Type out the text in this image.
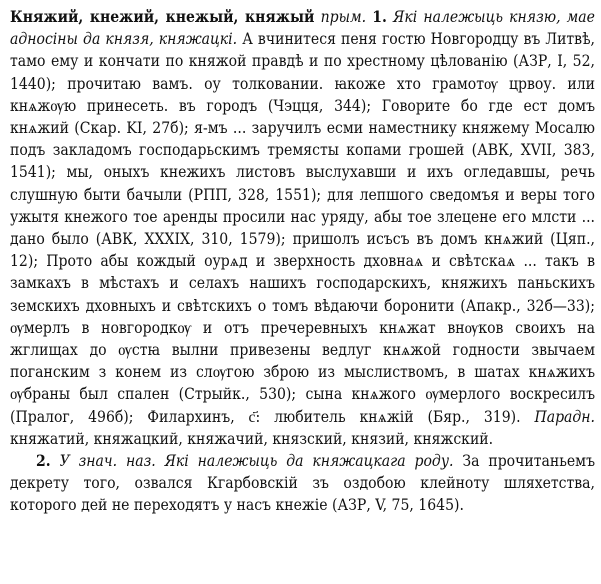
Княжий, кнежий, кнежый, княжый прым. 1. Які належыць князю, мае адносіны да князя, княжацкі. А вчинитеся пеня гостю Новгородцу въ Литвѣ, тамо ему и кончати по княжой правдѣ и по хрестному цѣлованію (АЗР, I, 52, 1440); прочитаю вамъ. оу толковании. ꙗкоже хто грамотѹ црвоу. или кнѧжѹю принесеть. въ городъ (Чэцця, 344); Говорите бо где ест домъ кнѧжий (Скар. KI, 27б); я-мъ ... заручилъ есми наместнику княжему Мосалю подъ закладомъ господарьскимъ тремясты копами грошей (АВК, XVII, 383, 1541); мы, оныхъ кнежихъ листовъ выслухавши и ихъ огледавшы, речь слушную быти бачыли (РПП, 328, 1551); для лепшого сведомъя и веры того ужытя кнежого тое аренды просили нас уряду, абы тое злецене его млсти ... дано было (АВК, XXXIX, 310, 1579); пришолъ исъсъ въ домъ кнѧжий (Цяп., 12); Прото абы кождый оурѧд и зверхность дховнаѧ и свѣтскаѧ ... такъ в замкахъ в мѣстахъ и селахъ нашихъ господарскихъ, княжихъ паньскихъ земскихъ дховныхъ и свѣтскихъ о томъ вѣдаючи боронити (Апакр., 32б—33); ѹмерлъ в новгородкѹ и отъ пречеревныхъ кнѧжат внѹков своихъ на жглищах до ѹстꙗ вылни привезены ведлуг кнѧжой годности звычаем поганским з конем из слѹгою зброю из мыслиствомъ, в шатах кнѧжихъ ѹбраны был спален (Стрыйк., 530); сына кнѧжого ѹмерлого воскресилъ (Пралог, 496б); Филархинъ, с҃: любитель кнѧжій (Бяр., 319). Парадн. княжатий, княжацкий, княжачий, князский, князий, княжский.

2. У знач. наз. Які належыць да княжацкага роду. За прочитаньемъ декрету того, озвался Кгарбовскій зъ оздобою клейноту шляхетства, которого дей не переходятъ у насъ кнежіе (АЗР, V, 75, 1645).
